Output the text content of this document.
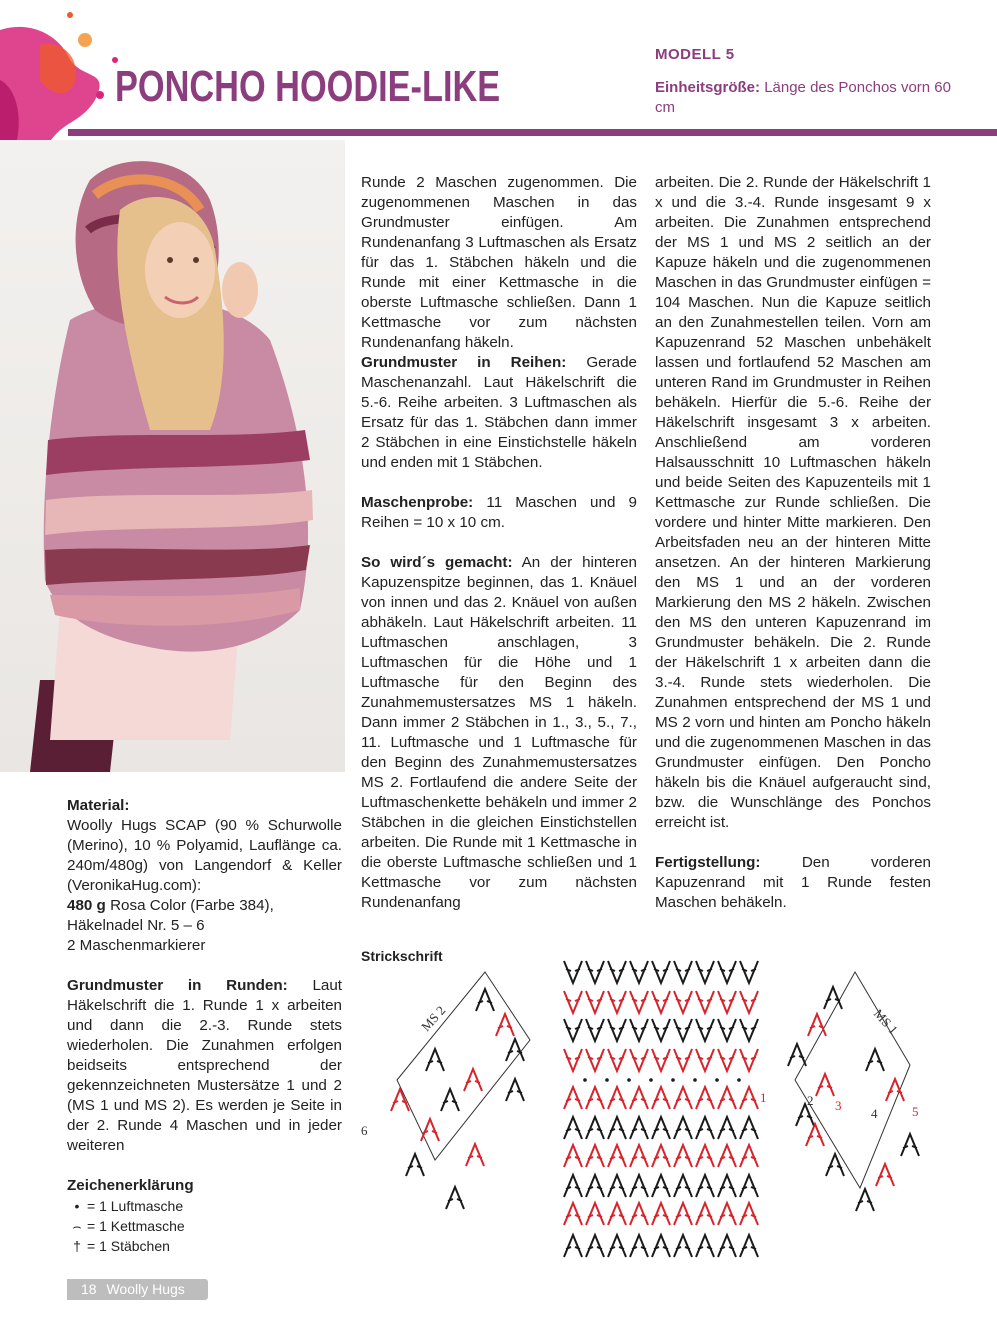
PONCHO HOODIE-LIKE
MODELL 5
Einheitsgröße: Länge des Ponchos vorn 60 cm

Material:

Woolly Hugs SCAP (90 % Schurwolle (Merino), 10 % Polyamid, Lauflänge ca. 240m/480g) von Langendorf & Keller (VeronikaHug.com):

480 g Rosa Color (Farbe 384),

Häkelnadel Nr. 5 – 6

2 Maschenmarkierer

Grundmuster in Runden: Laut Häkelschrift die 1. Runde 1 x arbeiten und dann die 2.-3. Runde stets wiederholen. Die Zunahmen erfolgen beidseits entsprechend der gekennzeichneten Mustersätze 1 und 2 (MS 1 und MS 2). Es werden je Seite in der 2. Runde 4 Maschen und in jeder weiteren

Zeichenerklärung

• = 1 Luftmasche
⌢ = 1 Kettmasche
† = 1 Stäbchen

Runde 2 Maschen zugenommen. Die zugenommenen Maschen in das Grundmuster einfügen. Am Rundenanfang 3 Luftmaschen als Ersatz für das 1. Stäbchen häkeln und die Runde mit einer Kettmasche in die oberste Luftmasche schließen. Dann 1 Kettmasche vor zum nächsten Rundenanfang häkeln.

Grundmuster in Reihen: Gerade Maschenanzahl. Laut Häkelschrift die 5.-6. Reihe arbeiten. 3 Luftmaschen als Ersatz für das 1. Stäbchen dann immer 2 Stäbchen in eine Einstichstelle häkeln und enden mit 1 Stäbchen.

Maschenprobe: 11 Maschen und 9 Reihen = 10 x 10 cm.

So wird´s gemacht: An der hinteren Kapuzenspitze beginnen, das 1. Knäuel von innen und das 2. Knäuel von außen abhäkeln. Laut Häkelschrift arbeiten. 11 Luftmaschen anschlagen, 3 Luftmaschen für die Höhe und 1 Luftmasche für den Beginn des Zunahmemustersatzes MS 1 häkeln. Dann immer 2 Stäbchen in 1., 3., 5., 7., 11. Luftmasche und 1 Luftmasche für den Beginn des Zunahmemustersatzes MS 2. Fortlaufend die andere Seite der Luftmaschenkette behäkeln und immer 2 Stäbchen in die gleichen Einstichstellen arbeiten. Die Runde mit 1 Kettmasche in die oberste Luftmasche schließen und 1 Kettmasche vor zum nächsten Rundenanfang

arbeiten. Die 2. Runde der Häkelschrift 1 x und die 3.-4. Runde insgesamt 9 x arbeiten. Die Zunahmen entsprechend der MS 1 und MS 2 seitlich an der Kapuze häkeln und die zugenommenen Maschen in das Grundmuster einfügen = 104 Maschen. Nun die Kapuze seitlich an den Zunahmestellen teilen. Vorn am Kapuzenrand 52 Maschen unbehäkelt lassen und fortlaufend 52 Maschen am unteren Rand im Grundmuster in Reihen behäkeln. Hierfür die 5.-6. Reihe der Häkelschrift insgesamt 3 x arbeiten. Anschließend am vorderen Halsausschnitt 10 Luftmaschen häkeln und beide Seiten des Kapuzenteils mit 1 Kettmasche zur Runde schließen. Die vordere und hinter Mitte markieren. Den Arbeitsfaden neu an der hinteren Mitte ansetzen. An der hinteren Markierung den MS 1 und an der vorderen Markierung den MS 2 häkeln. Zwischen den MS den unteren Kapuzenrand im Grundmuster behäkeln. Die 2. Runde der Häkelschrift 1 x arbeiten dann die 3.-4. Runde stets wiederholen. Die Zunahmen entsprechend der MS 1 und MS 2 vorn und hinten am Poncho häkeln und die zugenommenen Maschen in das Grundmuster einfügen. Den Poncho häkeln bis die Knäuel aufgeraucht sind, bzw. die Wunschlänge des Ponchos erreicht ist.

Fertigstellung:	Den vorderen Kapuzenrand mit 1 Runde festen Maschen behäkeln.

Strickschrift
MS 2	MS 1
1	2 3
4	5
6
18 Woolly Hugs
